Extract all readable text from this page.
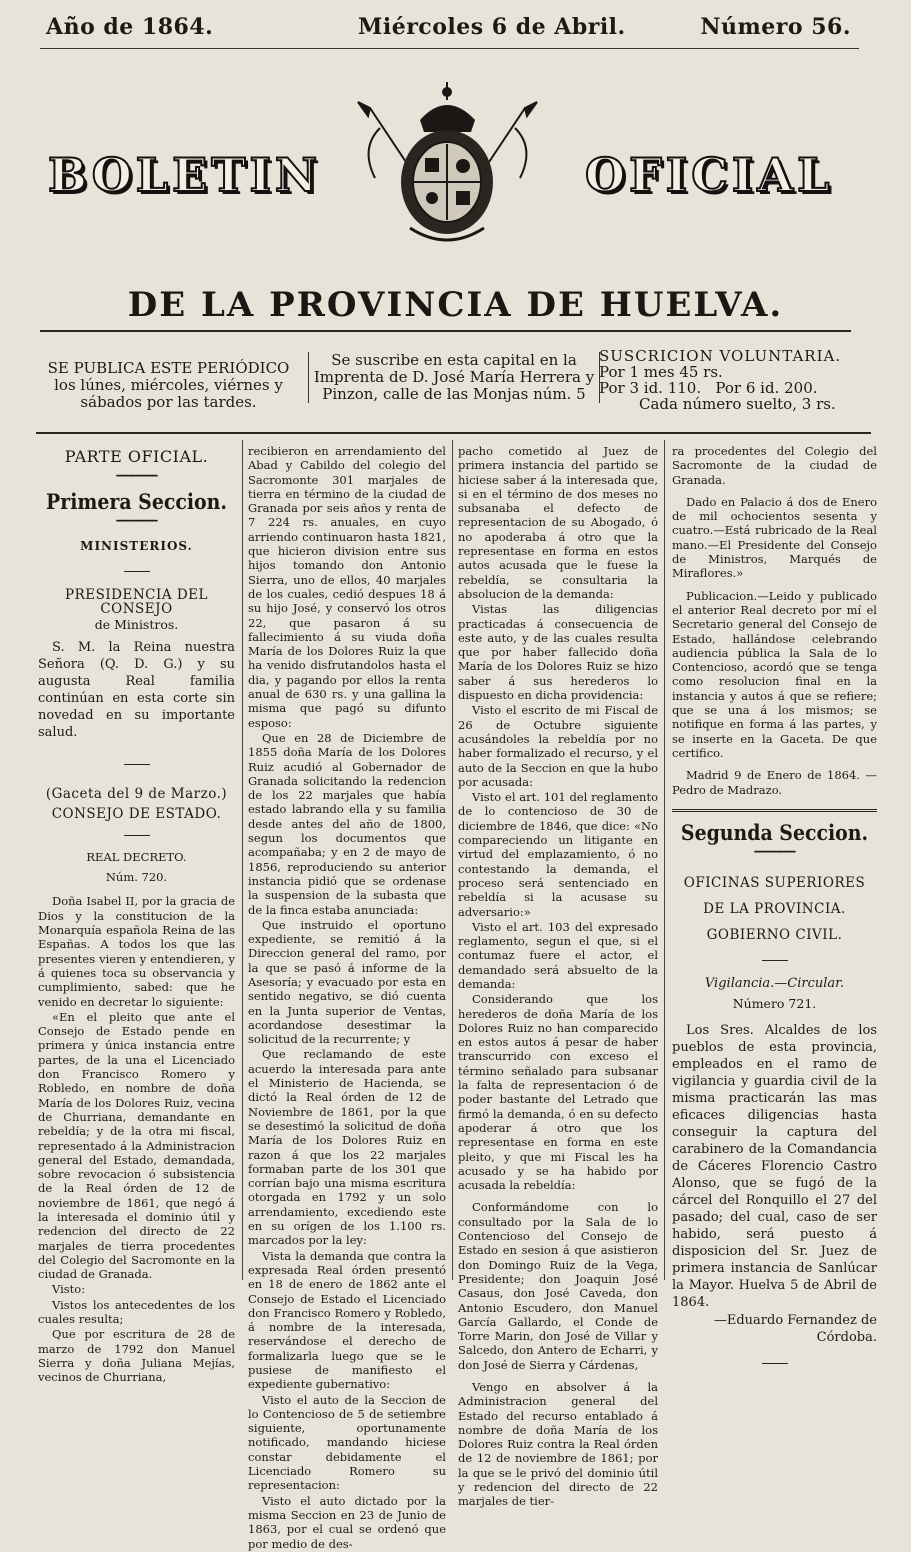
Año de 1864.	Miércoles 6 de Abril.	Número 56.
BOLETIN	OFICIAL
DE LA PROVINCIA DE HUELVA.
SE PUBLICA ESTE PERIÓDICO los lúnes, miércoles, viérnes y sábados por las tardes.
Se suscribe en esta capital en la Imprenta de D. José María Herrera y Pinzon, calle de las Monjas núm. 5
SUSCRICION VOLUNTARIA.
Por 1 mes 45 rs.
Por 3 id. 110.   Por 6 id. 200.
Cada número suelto, 3 rs.

PARTE OFICIAL.

━━━━━━━━

Primera Seccion.

━━━━━━━━

MINISTERIOS.

PRESIDENCIA DEL CONSEJO

de Ministros.

S. M. la Reina nuestra Señora (Q. D. G.) y su augusta Real familia continúan en esta corte sin novedad en su importante salud.

(Gaceta del 9 de Marzo.)

CONSEJO DE ESTADO.

REAL DECRETO.

Núm. 720.

Doña Isabel II, por la gracia de Dios y la constitucion de la Monarquía española Reina de las Españas. A todos los que las presentes vieren y entendieren, y á quienes toca su observancia y cumplimiento, sabed: que he venido en decretar lo siguiente:

«En el pleito que ante el Consejo de Estado pende en primera y única instancia entre partes, de la una el Licenciado don Francisco Romero y Robledo, en nombre de doña María de los Dolores Ruiz, vecina de Churriana, demandante en rebeldía; y de la otra mi fiscal, representado á la Administracion general del Estado, demandada, sobre revocacion ó subsistencia de la Real órden de 12 de noviembre de 1861, que negó á la interesada el dominio útil y redencion del directo de 22 marjales de tierra procedentes del Colegio del Sacromonte en la ciudad de Granada.

Visto:

Vistos los antecedentes de los cuales resulta;

Que por escritura de 28 de marzo de 1792 don Manuel Sierra y doña Juliana Mejías, vecinos de Churriana,

recibieron en arrendamiento del Abad y Cabildo del colegio del Sacromonte 301 marjales de tierra en término de la ciudad de Granada por seis años y renta de 7 224 rs. anuales, en cuyo arriendo continuaron hasta 1821, que hicieron division entre sus hijos tomando don Antonio Sierra, uno de ellos, 40 marjales de los cuales, cedió despues 18 á su hijo José, y conservó los otros 22, que pasaron á su fallecimiento á su viuda doña María de los Dolores Ruiz la que ha venido disfrutandolos hasta el dia, y pagando por ellos la renta anual de 630 rs. y una gallina la misma que pagó su difunto esposo:

Que en 28 de Diciembre de 1855 doña María de los Dolores Ruiz acudió al Gobernador de Granada solicitando la redencion de los 22 marjales que había estado labrando ella y su familia desde antes del año de 1800, segun los documentos que acompañaba; y en 2 de mayo de 1856, reproduciendo su anterior instancia pidió que se ordenase la suspension de la subasta que de la finca estaba anunciada:

Que instruido el oportuno expediente, se remitió á la Direccion general del ramo, por la que se pasó á informe de la Asesoría; y evacuado por esta en sentido negativo, se dió cuenta en la Junta superior de Ventas, acordandose desestimar la solicitud de la recurrente; y

Que reclamando de este acuerdo la interesada para ante el Ministerio de Hacienda, se dictó la Real órden de 12 de Noviembre de 1861, por la que se desestimó la solicitud de doña María de los Dolores Ruiz en razon á que los 22 marjales formaban parte de los 301 que corrían bajo una misma escritura otorgada en 1792 y un solo arrendamiento, excediendo este en su orígen de los 1.100 rs. marcados por la ley:

Vista la demanda que contra la expresada Real órden presentó en 18 de enero de 1862 ante el Consejo de Estado el Licenciado don Francisco Romero y Robledo, á nombre de la interesada, reservándose el derecho de formalizarla luego que se le pusiese de manifiesto el expediente gubernativo:

Visto el auto de la Seccion de lo Contencioso de 5 de setiembre siguiente, oportunamente notificado, mandando hiciese constar debidamente el Licenciado Romero su representacion:

Visto el auto dictado por la misma Seccion en 23 de Junio de 1863, por el cual se ordenó que por medio de des-

pacho cometido al Juez de primera instancia del partido se hiciese saber á la interesada que, si en el término de dos meses no subsanaba el defecto de representacion de su Abogado, ó no apoderaba á otro que la representase en forma en estos autos acusada que le fuese la rebeldía, se consultaria la absolucion de la demanda:

Vistas las diligencias practicadas á consecuencia de este auto, y de las cuales resulta que por haber fallecido doña María de los Dolores Ruiz se hizo saber á sus herederos lo dispuesto en dicha providencia:

Visto el escrito de mi Fiscal de 26 de Octubre siguiente acusándoles la rebeldía por no haber formalizado el recurso, y el auto de la Seccion en que la hubo por acusada:

Visto el art. 101 del reglamento de lo contencioso de 30 de diciembre de 1846, que dice: «No compareciendo un litigante en virtud del emplazamiento, ó no contestando la demanda, el proceso será sentenciado en rebeldía si la acusase su adversario:»

Visto el art. 103 del expresado reglamento, segun el que, si el contumaz fuere el actor, el demandado será absuelto de la demanda:

Considerando que los herederos de doña María de los Dolores Ruiz no han comparecido en estos autos á pesar de haber transcurrido con exceso el término señalado para subsanar la falta de representacion ó de poder bastante del Letrado que firmó la demanda, ó en su defecto apoderar á otro que los representase en forma en este pleito, y que mi Fiscal les ha acusado y se ha habido por acusada la rebeldía:

Conformándome con lo consultado por la Sala de lo Contencioso del Consejo de Estado en sesion á que asistieron don Domingo Ruiz de la Vega, Presidente; don Joaquin José Casaus, don José Caveda, don Antonio Escudero, don Manuel García Gallardo, el Conde de Torre Marin, don José de Villar y Salcedo, don Antero de Echarri, y don José de Sierra y Cárdenas,

Vengo en absolver á la Administracion general del Estado del recurso entablado á nombre de doña María de los Dolores Ruiz contra la Real órden de 12 de noviembre de 1861; por la que se le privó del dominio útil y redencion del directo de 22 marjales de tier-

ra procedentes del Colegio del Sacromonte de la ciudad de Granada.

Dado en Palacio á dos de Enero de mil ochocientos sesenta y cuatro.—Está rubricado de la Real mano.—El Presidente del Consejo de Ministros, Marqués de Miraflores.»

Publicacion.—Leido y publicado el anterior Real decreto por mí el Secretario general del Consejo de Estado, hallándose celebrando audiencia pública la Sala de lo Contencioso, acordó que se tenga como resolucion final en la instancia y autos á que se refiere; que se una á los mismos; se notifique en forma á las partes, y se inserte en la Gaceta. De que certifico.

Madrid 9 de Enero de 1864. —Pedro de Madrazo.

Segunda Seccion.

━━━━━━━━

OFICINAS SUPERIORES DE LA PROVINCIA.

GOBIERNO CIVIL.

Vigilancia.—Circular.

Número 721.

Los Sres. Alcaldes de los pueblos de esta provincia, empleados en el ramo de vigilancia y guardia civil de la misma practicarán las mas eficaces diligencias hasta conseguir la captura del carabinero de la Comandancia de Cáceres Florencio Castro Alonso, que se fugó de la cárcel del Ronquillo el 27 del pasado; del cual, caso de ser habido, será puesto á disposicion del Sr. Juez de primera instancia de Sanlúcar la Mayor. Huelva 5 de Abril de 1864.

—Eduardo Fernandez de Córdoba.
